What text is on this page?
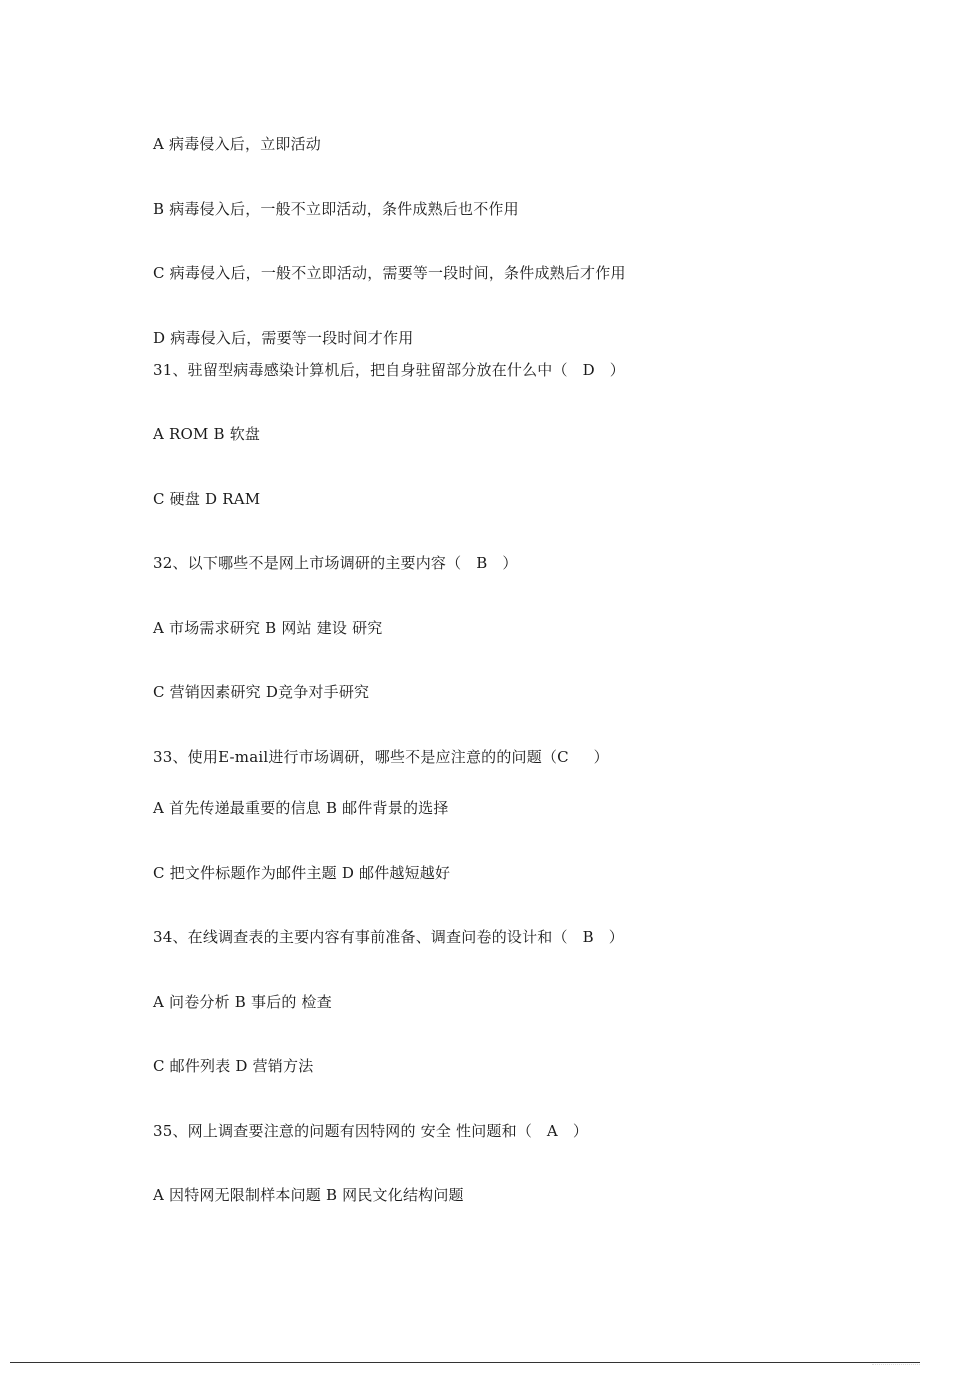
A 病毒侵入后，立即活动
B 病毒侵入后，一般不立即活动，条件成熟后也不作用
C 病毒侵入后，一般不立即活动，需要等一段时间，条件成熟后才作用
D 病毒侵入后，需要等一段时间才作用
31、驻留型病毒感染计算机后，把自身驻留部分放在什么中（   D   ）
A ROM B 软盘
C 硬盘 D RAM
32、以下哪些不是网上市场调研的主要内容（   B   ）
A 市场需求研究 B 网站 建设 研究
C 营销因素研究 D竞争对手研究
33、使用E-mail进行市场调研，哪些不是应注意的的问题（C     ）
A 首先传递最重要的信息 B 邮件背景的选择
C 把文件标题作为邮件主题 D 邮件越短越好
34、在线调查表的主要内容有事前准备、调查问卷的设计和（   B   ）
A 问卷分析 B 事后的 检查
C 邮件列表 D 营销方法
35、网上调查要注意的问题有因特网的 安全 性问题和（   A   ）
A 因特网无限制样本问题 B 网民文化结构问题
